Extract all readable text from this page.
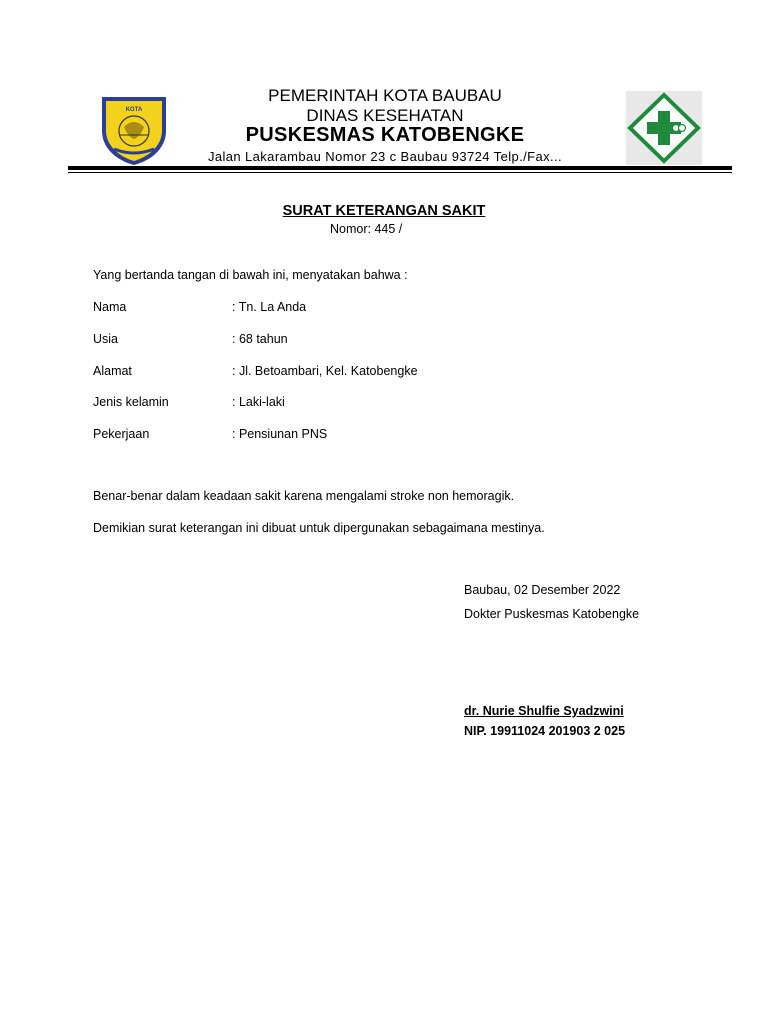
KOTA
PEMERINTAH KOTA BAUBAU
DINAS KESEHATAN
PUSKESMAS KATOBENGKE
Jalan Lakarambau Nomor 23 c Baubau 93724 Telp./Fax...
SURAT KETERANGAN SAKIT
Nomor: 445 /
Yang bertanda tangan di bawah ini, menyatakan bahwa :
Nama	: Tn. La Anda
Usia	: 68 tahun
Alamat	: Jl. Betoambari, Kel. Katobengke
Jenis kelamin	: Laki-laki
Pekerjaan	: Pensiunan PNS
Benar-benar dalam keadaan sakit karena mengalami stroke non hemoragik.
Demikian surat keterangan ini dibuat untuk dipergunakan sebagaimana mestinya.
Baubau, 02 Desember 2022
Dokter Puskesmas Katobengke
dr. Nurie Shulfie Syadzwini
NIP. 19911024 201903 2 025
